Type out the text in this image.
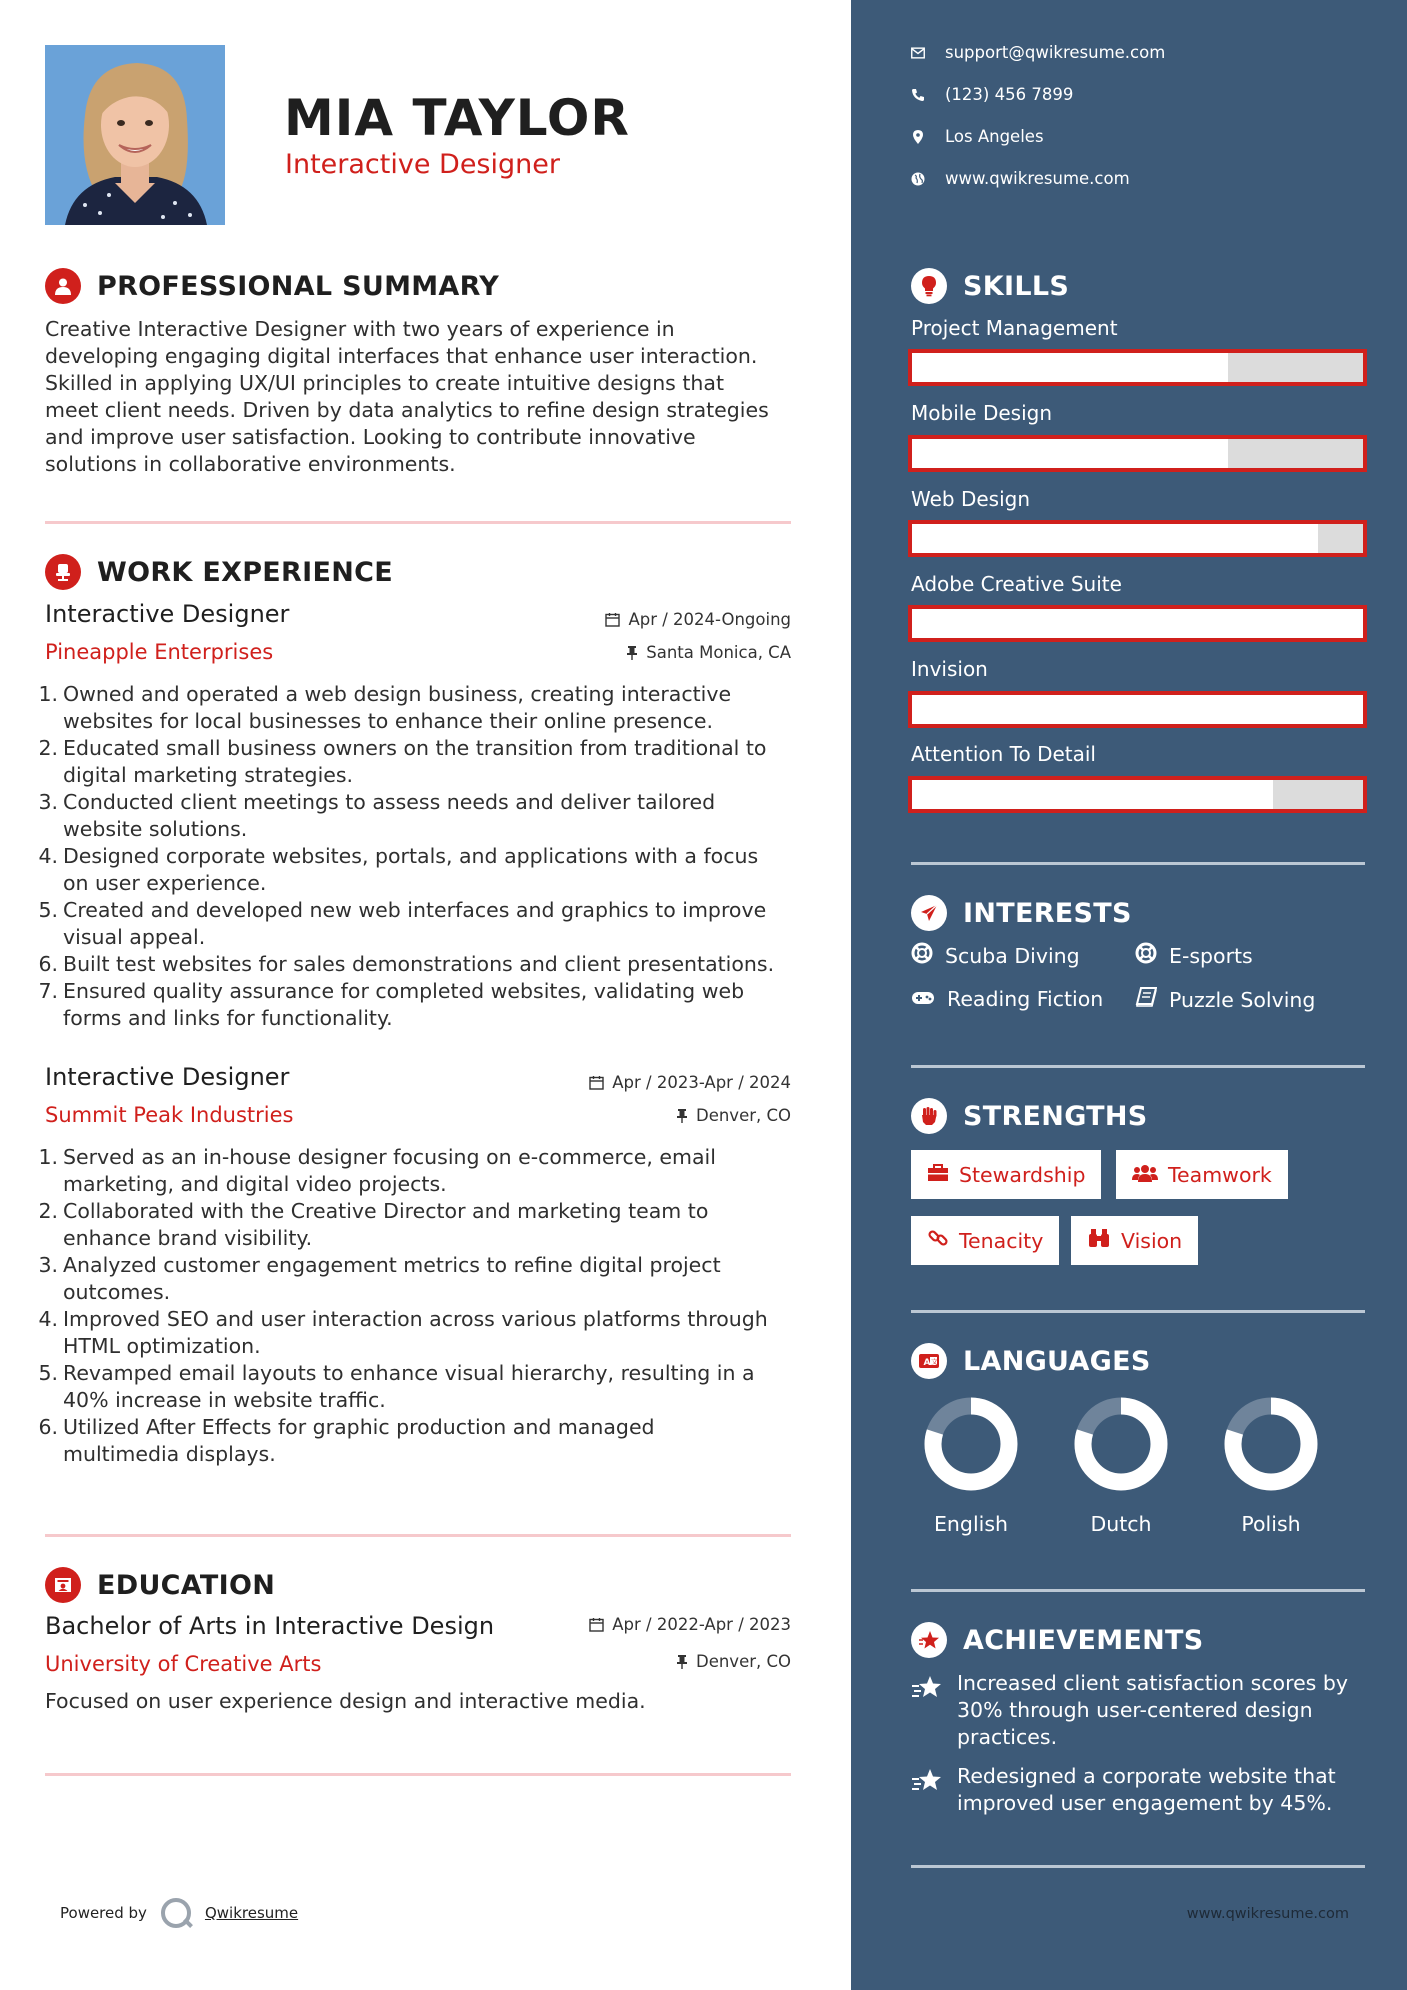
MIA TAYLOR
Interactive Designer
PROFESSIONAL SUMMARY
Creative Interactive Designer with two years of experience in
developing engaging digital interfaces that enhance user interaction.
Skilled in applying UX/UI principles to create intuitive designs that
meet client needs. Driven by data analytics to refine design strategies
and improve user satisfaction. Looking to contribute innovative
solutions in collaborative environments.
WORK EXPERIENCE
Interactive Designer	Apr / 2024-Ongoing
Pineapple Enterprises	Santa Monica, CA
1. Owned and operated a web design business, creating interactive
websites for local businesses to enhance their online presence.
2. Educated small business owners on the transition from traditional to
digital marketing strategies.
3. Conducted client meetings to assess needs and deliver tailored
website solutions.
4. Designed corporate websites, portals, and applications with a focus
on user experience.
5. Created and developed new web interfaces and graphics to improve
visual appeal.
6. Built test websites for sales demonstrations and client presentations.
7. Ensured quality assurance for completed websites, validating web
forms and links for functionality.
Interactive Designer	Apr / 2023-Apr / 2024
Summit Peak Industries	Denver, CO
1. Served as an in-house designer focusing on e-commerce, email
marketing, and digital video projects.
2. Collaborated with the Creative Director and marketing team to
enhance brand visibility.
3. Analyzed customer engagement metrics to refine digital project
outcomes.
4. Improved SEO and user interaction across various platforms through
HTML optimization.
5. Revamped email layouts to enhance visual hierarchy, resulting in a
40% increase in website traffic.
6. Utilized After Effects for graphic production and managed
multimedia displays.
EDUCATION
Bachelor of Arts in Interactive Design	Apr / 2022-Apr / 2023
University of Creative Arts	Denver, CO
Focused on user experience design and interactive media.
Powered by	Qwikresume
support@qwikresume.com
(123) 456 7899
Los Angeles
www.qwikresume.com
SKILLS
Project Management
Mobile Design
Web Design
Adobe Creative Suite
Invision
Attention To Detail
INTERESTS
Scuba Diving	E-sports
Reading Fiction	Puzzle Solving
STRENGTHS
Stewardship	Teamwork
Tenacity	Vision
A 文 LANGUAGES
English	Dutch	Polish
ACHIEVEMENTS
Increased client satisfaction scores by
30% through user-centered design
practices.
Redesigned a corporate website that
improved user engagement by 45%.
www.qwikresume.com
